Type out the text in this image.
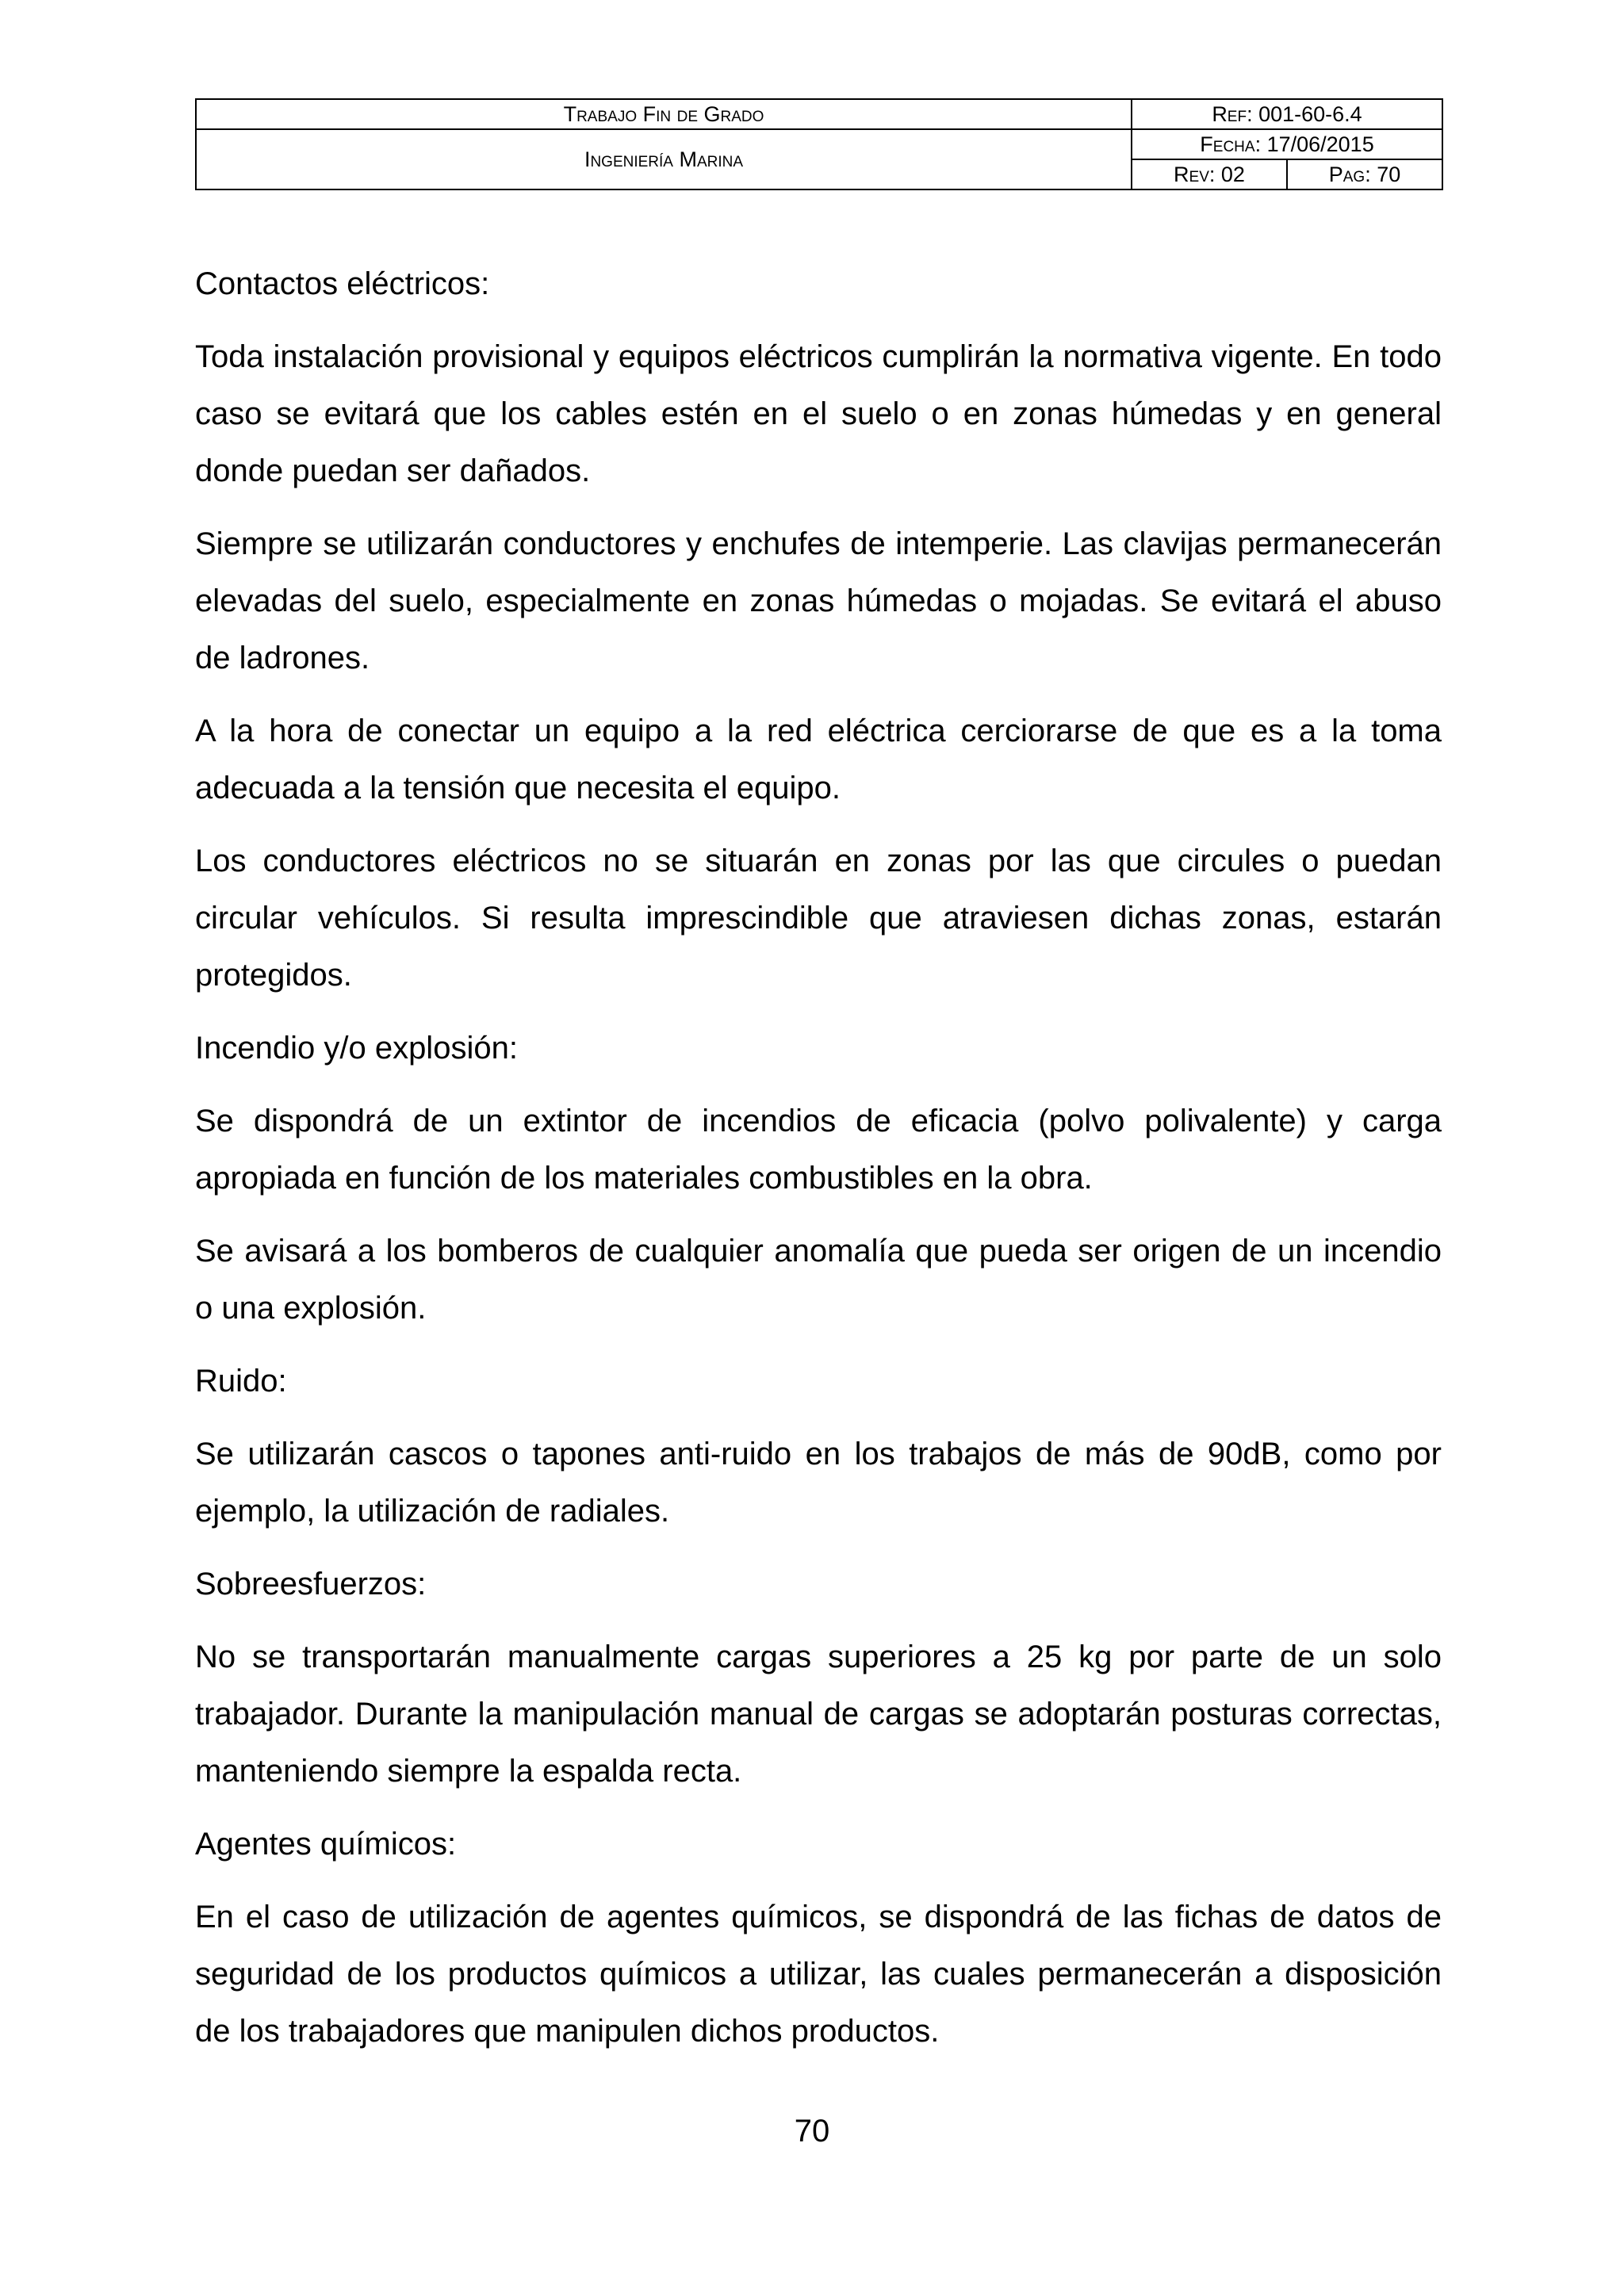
Trabajo Fin de Grado	Ref: 001-60-6.4	
Ingeniería Marina	Fecha: 17/06/2015	
	Rev: 02	Pag: 70

Contactos eléctricos:

Toda instalación provisional y equipos eléctricos cumplirán la normativa vigente. En todo caso se evitará que los cables estén en el suelo o en zonas húmedas y en general donde puedan ser dañados.

Siempre se utilizarán conductores y enchufes de intemperie. Las clavijas permanecerán elevadas del suelo, especialmente en zonas húmedas o mojadas. Se evitará el abuso de ladrones.

A la hora de conectar un equipo a la red eléctrica cerciorarse de que es a la toma adecuada a la tensión que necesita el equipo.

Los conductores eléctricos no se situarán en zonas por las que circules o puedan circular vehículos. Si resulta imprescindible que atraviesen dichas zonas, estarán protegidos.

Incendio y/o explosión:

Se dispondrá de un extintor de incendios de eficacia (polvo polivalente) y carga apropiada en función de los materiales combustibles en la obra.

Se avisará a los bomberos de cualquier anomalía que pueda ser origen de un incendio o una explosión.

Ruido:

Se utilizarán cascos o tapones anti-ruido en los trabajos de más de 90dB, como por ejemplo, la utilización de radiales.

Sobreesfuerzos:

No se transportarán manualmente cargas superiores a 25 kg por parte de un solo trabajador. Durante la manipulación manual de cargas se adoptarán posturas correctas, manteniendo siempre la espalda recta.

Agentes químicos:

En el caso de utilización de agentes químicos, se dispondrá de las fichas de datos de seguridad de los productos químicos a utilizar, las cuales permanecerán a disposición de los trabajadores que manipulen dichos productos.

70
